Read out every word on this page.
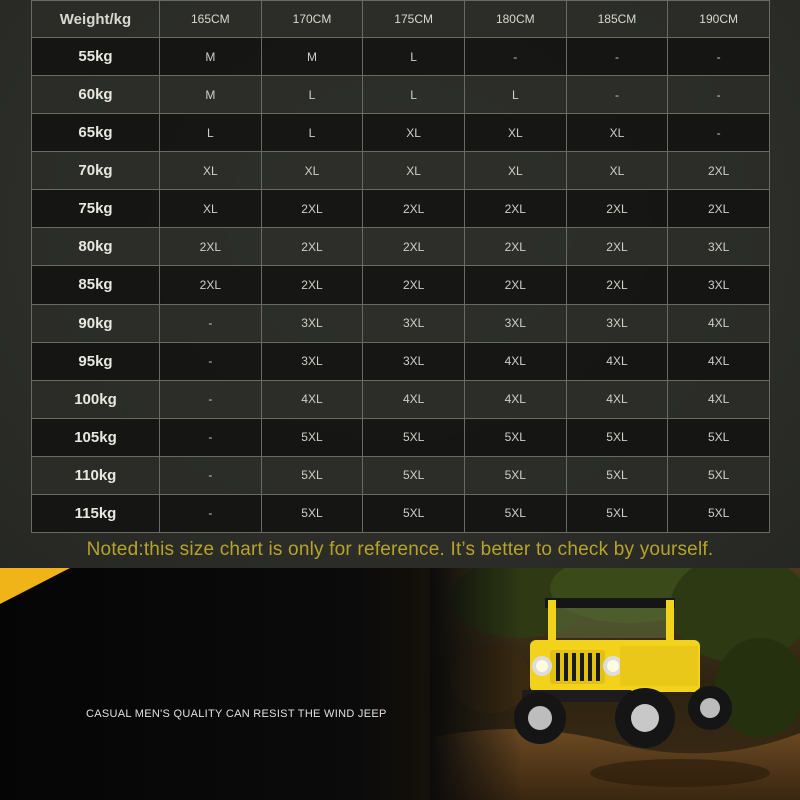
Weight/kg	165CM	170CM	175CM	180CM	185CM	190CM
55kg	M	M	L	-	-	-
60kg	M	L	L	L	-	-
65kg	L	L	XL	XL	XL	-
70kg	XL	XL	XL	XL	XL	2XL
75kg	XL	2XL	2XL	2XL	2XL	2XL
80kg	2XL	2XL	2XL	2XL	2XL	3XL
85kg	2XL	2XL	2XL	2XL	2XL	3XL
90kg	-	3XL	3XL	3XL	3XL	4XL
95kg	-	3XL	3XL	4XL	4XL	4XL
100kg	-	4XL	4XL	4XL	4XL	4XL
105kg	-	5XL	5XL	5XL	5XL	5XL
110kg	-	5XL	5XL	5XL	5XL	5XL
115kg	-	5XL	5XL	5XL	5XL	5XL
Noted:this size chart is only for reference. It’s better to check by yourself.
CASUAL MEN'S QUALITY CAN RESIST THE WIND JEEP
